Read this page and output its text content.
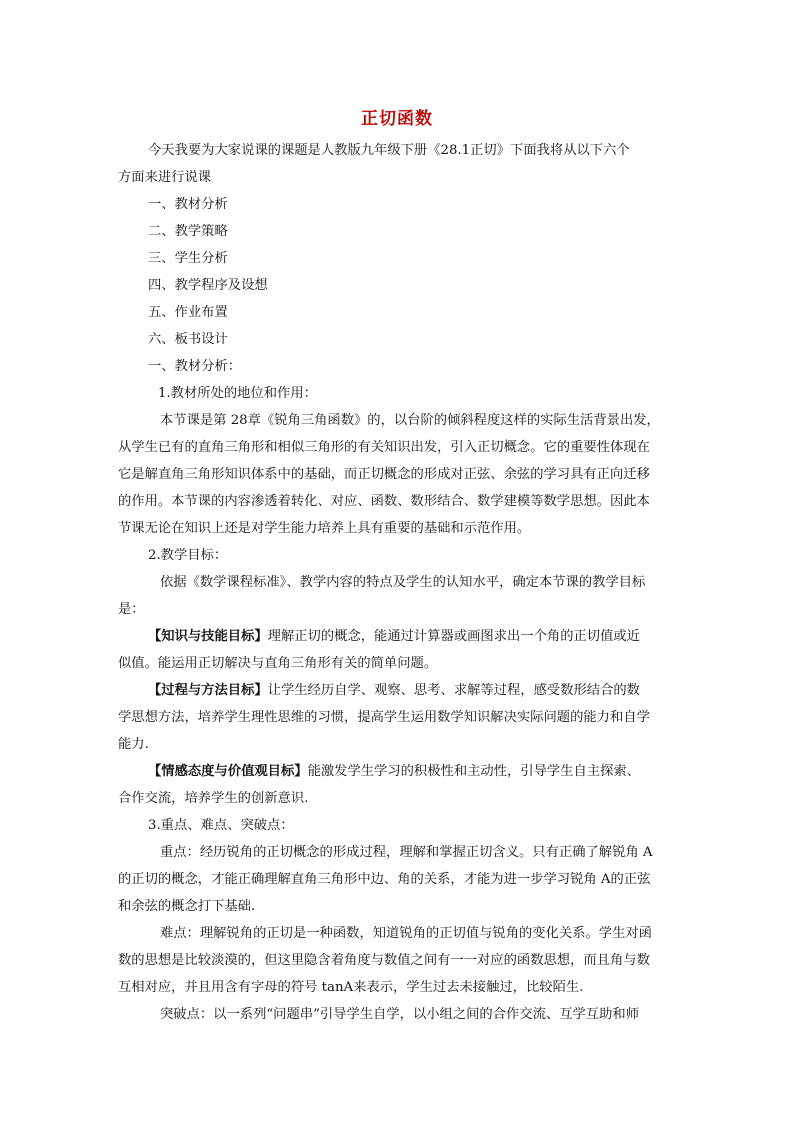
正切函数
今天我要为大家说课的课题是人教版九年级下册《28.1正切》下面我将从以下六个
方面来进行说课
一、教材分析
二、教学策略
三、学生分析
四、教学程序及设想
五、作业布置
六、板书设计
一、教材分析：
1.教材所处的地位和作用：
本节课是第 28章《锐角三角函数》的，以台阶的倾斜程度这样的实际生活背景出发，
从学生已有的直角三角形和相似三角形的有关知识出发，引入正切概念。它的重要性体现在
它是解直角三角形知识体系中的基础，而正切概念的形成对正弦、余弦的学习具有正向迁移
的作用。本节课的内容渗透着转化、对应、函数、数形结合、数学建模等数学思想。因此本
节课无论在知识上还是对学生能力培养上具有重要的基础和示范作用。
2.教学目标：
依据《数学课程标准》、教学内容的特点及学生的认知水平，确定本节课的教学目标
是：
【知识与技能目标】理解正切的概念，能通过计算器或画图求出一个角的正切值或近
似值。能运用正切解决与直角三角形有关的简单问题。
【过程与方法目标】让学生经历自学、观察、思考、求解等过程，感受数形结合的数
学思想方法，培养学生理性思维的习惯，提高学生运用数学知识解决实际问题的能力和自学
能力.
【情感态度与价值观目标】能激发学生学习的积极性和主动性，引导学生自主探索、
合作交流，培养学生的创新意识.
3.重点、难点、突破点：
重点：经历锐角的正切概念的形成过程，理解和掌握正切含义。只有正确了解锐角 A
的正切的概念，才能正确理解直角三角形中边、角的关系，才能为进一步学习锐角 A的正弦
和余弦的概念打下基础.
难点：理解锐角的正切是一种函数，知道锐角的正切值与锐角的变化关系。学生对函
数的思想是比较淡漠的，但这里隐含着角度与数值之间有一一对应的函数思想，而且角与数
互相对应，并且用含有字母的符号 tanA来表示，学生过去未接触过，比较陌生.
突破点：以一系列“问题串”引导学生自学，以小组之间的合作交流、互学互助和师
